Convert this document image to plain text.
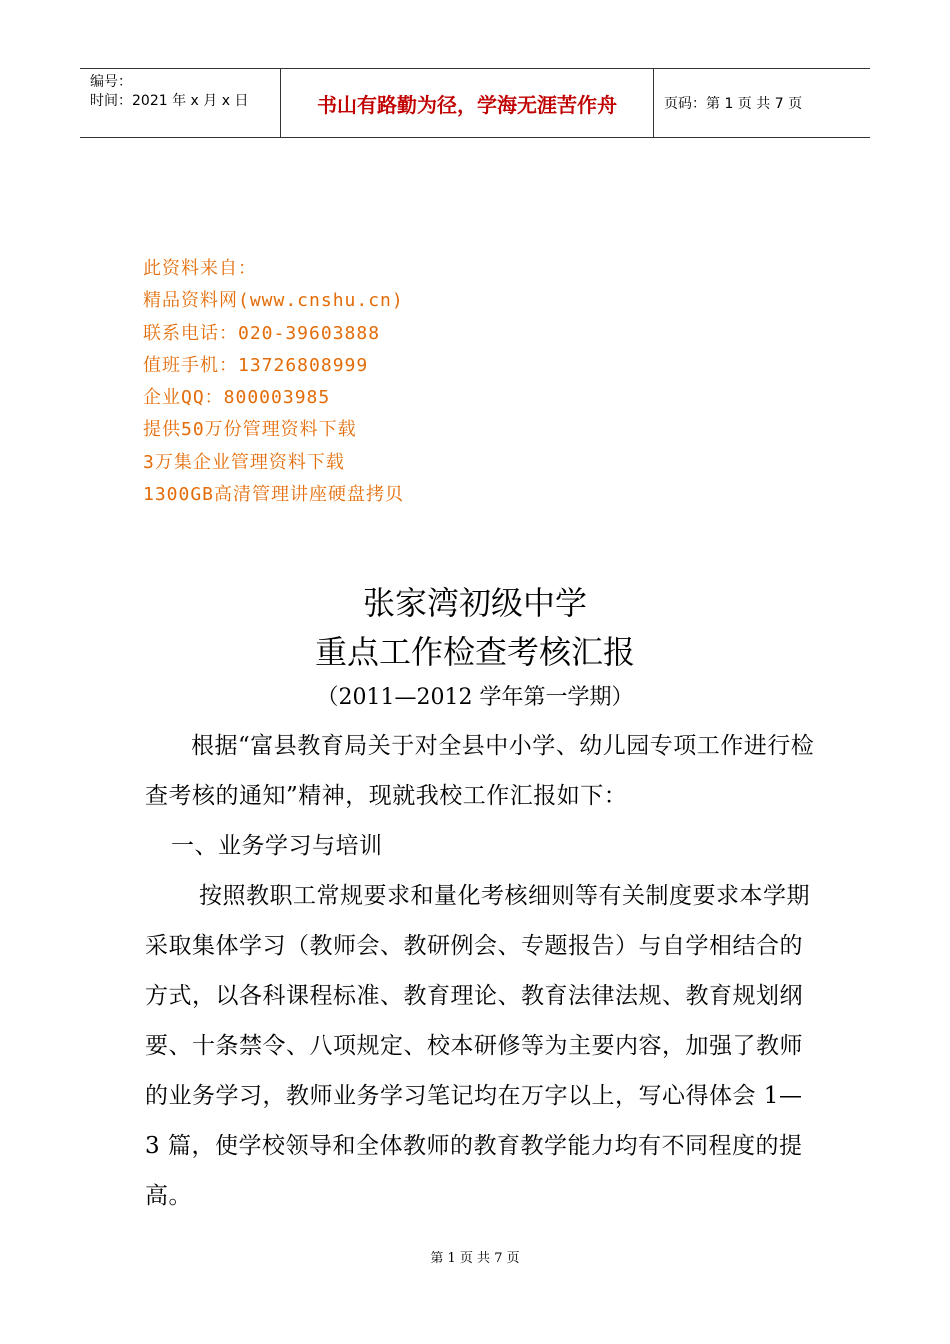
编号：
时间：2021 年 x 月 x 日	书山有路勤为径，学海无涯苦作舟	页码：第 1 页 共 7 页
此资料来自：
精品资料网(www.cnshu.cn)
联系电话：020-39603888
值班手机：13726808999
企业QQ：800003985
提供50万份管理资料下载
3万集企业管理资料下载
1300GB高清管理讲座硬盘拷贝
张家湾初级中学
重点工作检查考核汇报
（2011—2012 学年第一学期）
根据“富县教育局关于对全县中小学、幼儿园专项工作进行检查考核的通知”精神，现就我校工作汇报如下：
一、业务学习与培训
按照教职工常规要求和量化考核细则等有关制度要求本学期采取集体学习（教师会、教研例会、专题报告）与自学相结合的方式，以各科课程标准、教育理论、教育法律法规、教育规划纲要、十条禁令、八项规定、校本研修等为主要内容，加强了教师的业务学习，教师业务学习笔记均在万字以上，写心得体会 1—3 篇，使学校领导和全体教师的教育教学能力均有不同程度的提高。
第 1 页 共 7 页
